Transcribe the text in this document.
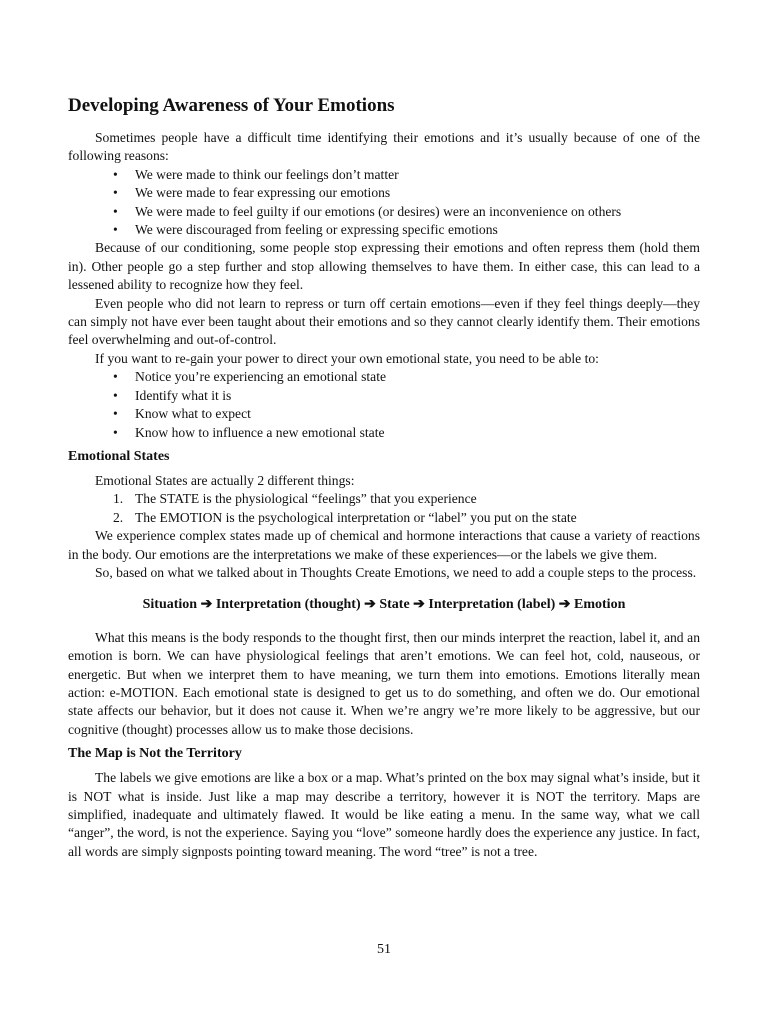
Developing Awareness of Your Emotions

Sometimes people have a difficult time identifying their emotions and it’s usually because of one of the following reasons:

• We were made to think our feelings don’t matter
• We were made to fear expressing our emotions
• We were made to feel guilty if our emotions (or desires) were an inconvenience on others
• We were discouraged from feeling or expressing specific emotions

Because of our conditioning, some people stop expressing their emotions and often repress them (hold them in). Other people go a step further and stop allowing themselves to have them. In either case, this can lead to a lessened ability to recognize how they feel.

Even people who did not learn to repress or turn off certain emotions—even if they feel things deeply—they can simply not have ever been taught about their emotions and so they cannot clearly identify them. Their emotions feel overwhelming and out-of-control.

If you want to re-gain your power to direct your own emotional state, you need to be able to:

• Notice you’re experiencing an emotional state
• Identify what it is
• Know what to expect
• Know how to influence a new emotional state
Emotional States

Emotional States are actually 2 different things:

1. The STATE is the physiological “feelings” that you experience
2. The EMOTION is the psychological interpretation or “label” you put on the state

We experience complex states made up of chemical and hormone interactions that cause a variety of reactions in the body. Our emotions are the interpretations we make of these experiences—or the labels we give them.

So, based on what we talked about in Thoughts Create Emotions, we need to add a couple steps to the process.

Situation ➔ Interpretation (thought) ➔ State ➔ Interpretation (label) ➔ Emotion

What this means is the body responds to the thought first, then our minds interpret the reaction, label it, and an emotion is born. We can have physiological feelings that aren’t emotions. We can feel hot, cold, nauseous, or energetic. But when we interpret them to have meaning, we turn them into emotions. Emotions literally mean action: e-MOTION. Each emotional state is designed to get us to do something, and often we do. Our emotional state affects our behavior, but it does not cause it. When we’re angry we’re more likely to be aggressive, but our cognitive (thought) processes allow us to make those decisions.

The Map is Not the Territory

The labels we give emotions are like a box or a map. What’s printed on the box may signal what’s inside, but it is NOT what is inside. Just like a map may describe a territory, however it is NOT the territory. Maps are simplified, inadequate and ultimately flawed. It would be like eating a menu. In the same way, what we call “anger”, the word, is not the experience. Saying you “love” someone hardly does the experience any justice. In fact, all words are simply signposts pointing toward meaning. The word “tree” is not a tree.

51
